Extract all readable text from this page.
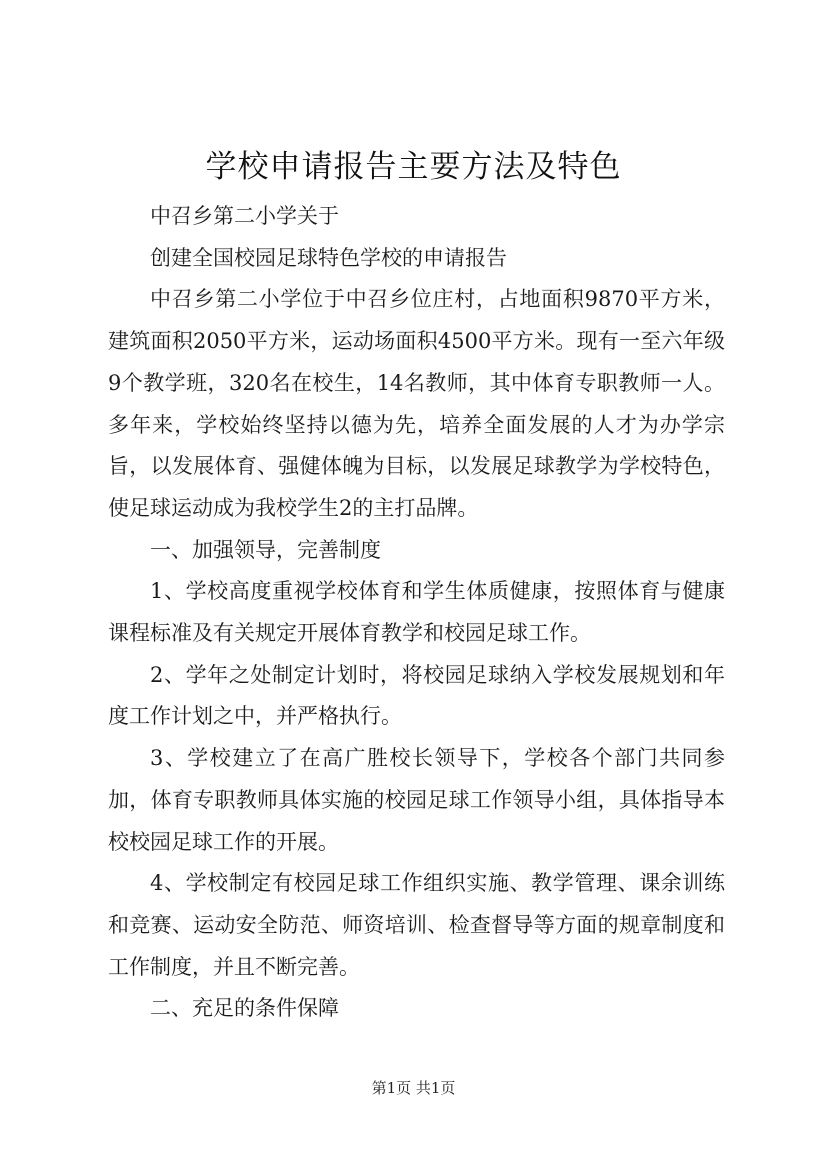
学校申请报告主要方法及特色

中召乡第二小学关于

创建全国校园足球特色学校的申请报告

中召乡第二小学位于中召乡位庄村，占地面积9870平方米，建筑面积2050平方米，运动场面积4500平方米。现有一至六年级9个教学班，320名在校生，14名教师，其中体育专职教师一人。多年来，学校始终坚持以德为先，培养全面发展的人才为办学宗旨，以发展体育、强健体魄为目标，以发展足球教学为学校特色，使足球运动成为我校学生2的主打品牌。

一、加强领导，完善制度

1、学校高度重视学校体育和学生体质健康，按照体育与健康课程标准及有关规定开展体育教学和校园足球工作。

2、学年之处制定计划时，将校园足球纳入学校发展规划和年度工作计划之中，并严格执行。

3、学校建立了在高广胜校长领导下，学校各个部门共同参加，体育专职教师具体实施的校园足球工作领导小组，具体指导本校校园足球工作的开展。

4、学校制定有校园足球工作组织实施、教学管理、课余训练和竞赛、运动安全防范、师资培训、检查督导等方面的规章制度和工作制度，并且不断完善。

二、充足的条件保障

第1页 共1页
